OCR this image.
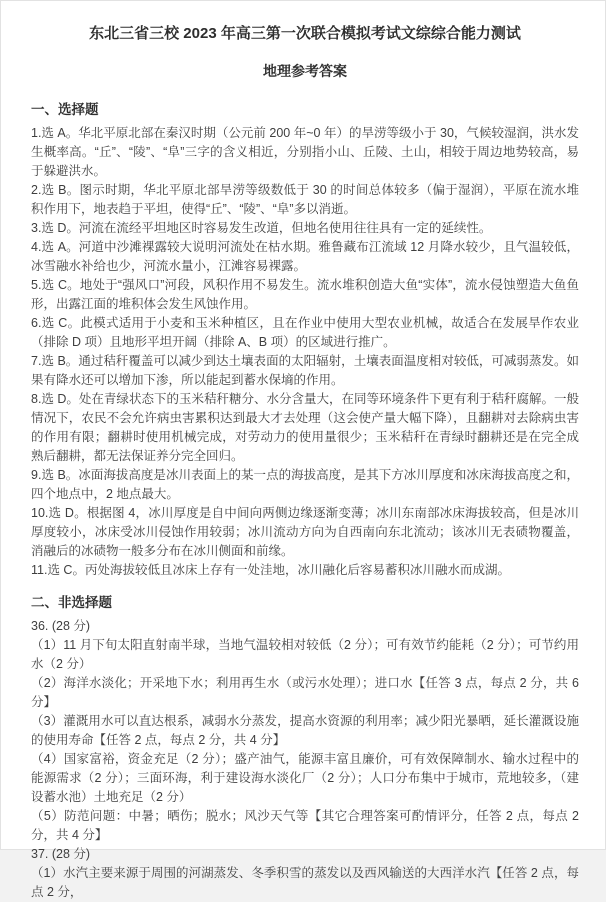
东北三省三校 2023 年高三第一次联合模拟考试文综综合能力测试
地理参考答案
一、选择题

1.选 A。华北平原北部在秦汉时期（公元前 200 年~0 年）的旱涝等级小于 30，气候较湿润，洪水发生概率高。“丘”、“陵”、“阜”三字的含义相近，分别指小山、丘陵、土山，相较于周边地势较高，易于躲避洪水。

2.选 B。图示时期，华北平原北部旱涝等级数低于 30 的时间总体较多（偏于湿润），平原在流水堆积作用下，地表趋于平坦，使得“丘”、“陵”、“阜”多以消逝。

3.选 D。河流在流经平坦地区时容易发生改道，但地名使用往往具有一定的延续性。

4.选 A。河道中沙滩裸露较大说明河流处在枯水期。雅鲁藏布江流域 12 月降水较少，且气温较低，冰雪融水补给也少，河流水量小，江滩容易裸露。

5.选 C。地处于“强风口”河段，风积作用不易发生。流水堆积创造大鱼“实体”，流水侵蚀塑造大鱼鱼形，出露江面的堆积体会发生风蚀作用。

6.选 C。此模式适用于小麦和玉米种植区，且在作业中使用大型农业机械，故适合在发展旱作农业（排除 D 项）且地形平坦开阔（排除 A、B 项）的区域进行推广。

7.选 B。通过秸秆覆盖可以减少到达土壤表面的太阳辐射，土壤表面温度相对较低，可减弱蒸发。如果有降水还可以增加下渗，所以能起到蓄水保墒的作用。

8.选 D。处在青绿状态下的玉米秸秆糖分、水分含量大，在同等环境条件下更有利于秸秆腐解。一般情况下，农民不会允许病虫害累积达到最大才去处理（这会使产量大幅下降），且翻耕对去除病虫害的作用有限；翻耕时使用机械完成，对劳动力的使用量很少；玉米秸秆在青绿时翻耕还是在完全成熟后翻耕，都无法保证养分完全回归。

9.选 B。冰面海拔高度是冰川表面上的某一点的海拔高度，是其下方冰川厚度和冰床海拔高度之和，四个地点中，2 地点最大。

10.选 D。根据图 4，冰川厚度是自中间向两侧边缘逐渐变薄；冰川东南部冰床海拔较高，但是冰川厚度较小，冰床受冰川侵蚀作用较弱；冰川流动方向为自西南向东北流动；该冰川无表碛物覆盖，消融后的冰碛物一般多分布在冰川侧面和前缘。

11.选 C。丙处海拔较低且冰床上存有一处洼地，冰川融化后容易蓄积冰川融水而成湖。

二、非选择题

36. (28 分)

（1）11 月下旬太阳直射南半球，当地气温较相对较低（2 分）；可有效节约能耗（2 分）；可节约用水（2 分）

（2）海洋水淡化；开采地下水；利用再生水（或污水处理）；进口水【任答 3 点，每点 2 分，共 6 分】

（3）灌溉用水可以直达根系，减弱水分蒸发，提高水资源的利用率；减少阳光暴晒，延长灌溉设施的使用寿命【任答 2 点，每点 2 分，共 4 分】

（4）国家富裕，资金充足（2 分）；盛产油气，能源丰富且廉价，可有效保障制水、输水过程中的能源需求（2 分）；三面环海，利于建设海水淡化厂（2 分）；人口分布集中于城市，荒地较多，（建设蓄水池）土地充足（2 分）

（5）防范问题：中暑；晒伤；脱水；风沙天气等【其它合理答案可酌情评分，任答 2 点，每点 2 分，共 4 分】

37. (28 分)

（1）水汽主要来源于周围的河湖蒸发、冬季积雪的蒸发以及西风输送的大西洋水汽【任答 2 点，每点 2 分，
